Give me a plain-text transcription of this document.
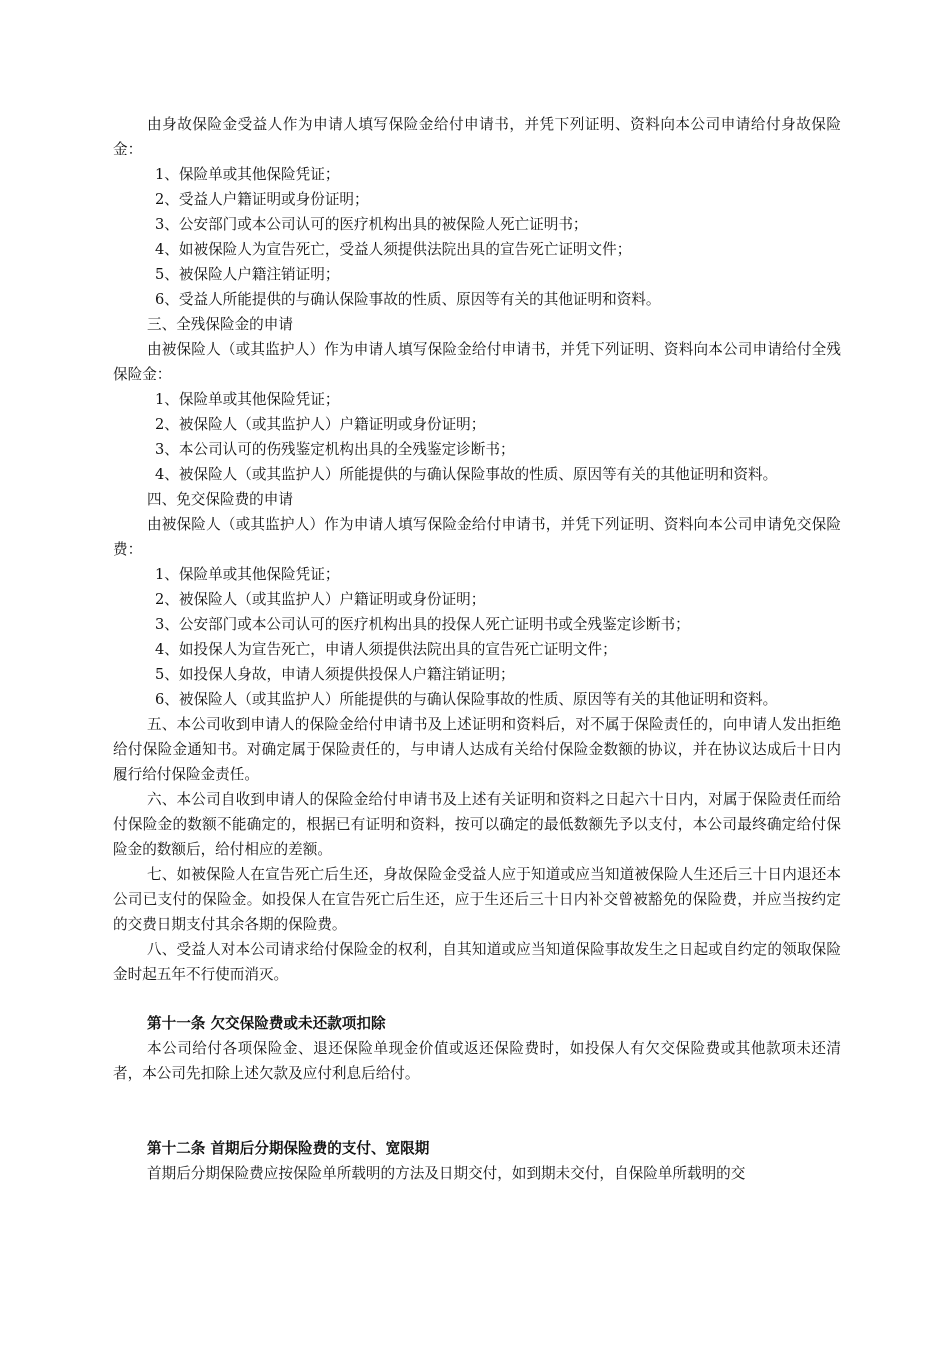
由身故保险金受益人作为申请人填写保险金给付申请书，并凭下列证明、资料向本公司申请给付身故保险金：

1、保险单或其他保险凭证；

2、受益人户籍证明或身份证明；

3、公安部门或本公司认可的医疗机构出具的被保险人死亡证明书；

4、如被保险人为宣告死亡，受益人须提供法院出具的宣告死亡证明文件；

5、被保险人户籍注销证明；

6、受益人所能提供的与确认保险事故的性质、原因等有关的其他证明和资料。

三、全残保险金的申请

由被保险人（或其监护人）作为申请人填写保险金给付申请书，并凭下列证明、资料向本公司申请给付全残保险金：

1、保险单或其他保险凭证；

2、被保险人（或其监护人）户籍证明或身份证明；

3、本公司认可的伤残鉴定机构出具的全残鉴定诊断书；

4、被保险人（或其监护人）所能提供的与确认保险事故的性质、原因等有关的其他证明和资料。

四、免交保险费的申请

由被保险人（或其监护人）作为申请人填写保险金给付申请书，并凭下列证明、资料向本公司申请免交保险费：

1、保险单或其他保险凭证；

2、被保险人（或其监护人）户籍证明或身份证明；

3、公安部门或本公司认可的医疗机构出具的投保人死亡证明书或全残鉴定诊断书；

4、如投保人为宣告死亡，申请人须提供法院出具的宣告死亡证明文件；

5、如投保人身故，申请人须提供投保人户籍注销证明；

6、被保险人（或其监护人）所能提供的与确认保险事故的性质、原因等有关的其他证明和资料。

五、本公司收到申请人的保险金给付申请书及上述证明和资料后，对不属于保险责任的，向申请人发出拒绝给付保险金通知书。对确定属于保险责任的，与申请人达成有关给付保险金数额的协议，并在协议达成后十日内履行给付保险金责任。

六、本公司自收到申请人的保险金给付申请书及上述有关证明和资料之日起六十日内，对属于保险责任而给付保险金的数额不能确定的，根据已有证明和资料，按可以确定的最低数额先予以支付，本公司最终确定给付保险金的数额后，给付相应的差额。

七、如被保险人在宣告死亡后生还，身故保险金受益人应于知道或应当知道被保险人生还后三十日内退还本公司已支付的保险金。如投保人在宣告死亡后生还，应于生还后三十日内补交曾被豁免的保险费，并应当按约定的交费日期支付其余各期的保险费。

八、受益人对本公司请求给付保险金的权利，自其知道或应当知道保险事故发生之日起或自约定的领取保险金时起五年不行使而消灭。

第十一条 欠交保险费或未还款项扣除

本公司给付各项保险金、退还保险单现金价值或返还保险费时，如投保人有欠交保险费或其他款项未还清者，本公司先扣除上述欠款及应付利息后给付。

第十二条 首期后分期保险费的支付、宽限期

首期后分期保险费应按保险单所载明的方法及日期交付，如到期未交付，自保险单所载明的交
